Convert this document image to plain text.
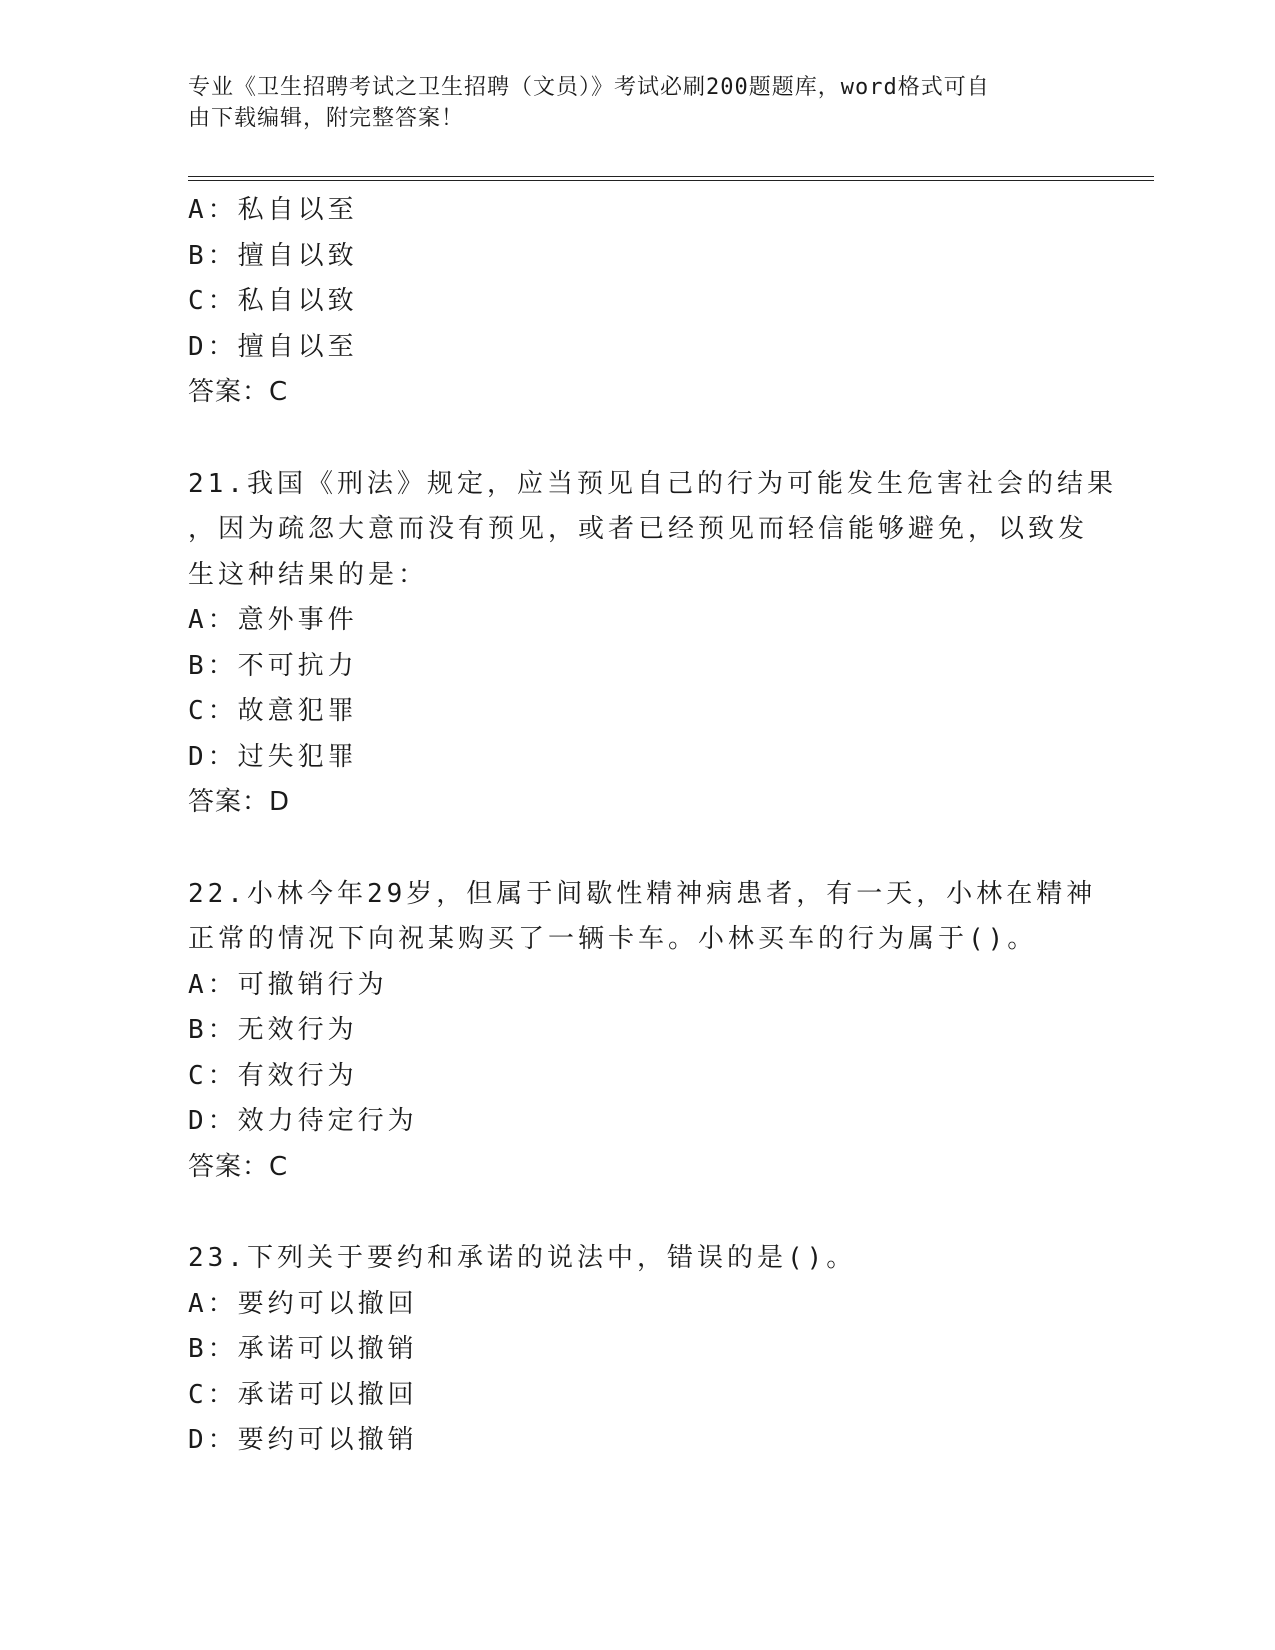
专业《卫生招聘考试之卫生招聘（文员）》考试必刷200题题库，word格式可自
由下载编辑，附完整答案！
A：私自以至
B：擅自以致
C：私自以致
D：擅自以至
答案：C
21.我国《刑法》规定，应当预见自己的行为可能发生危害社会的结果
，因为疏忽大意而没有预见，或者已经预见而轻信能够避免，以致发
生这种结果的是：
A：意外事件
B：不可抗力
C：故意犯罪
D：过失犯罪
答案：D
22.小林今年29岁，但属于间歇性精神病患者，有一天，小林在精神
正常的情况下向祝某购买了一辆卡车。小林买车的行为属于()。
A：可撤销行为
B：无效行为
C：有效行为
D：效力待定行为
答案：C
23.下列关于要约和承诺的说法中，错误的是()。
A：要约可以撤回
B：承诺可以撤销
C：承诺可以撤回
D：要约可以撤销
